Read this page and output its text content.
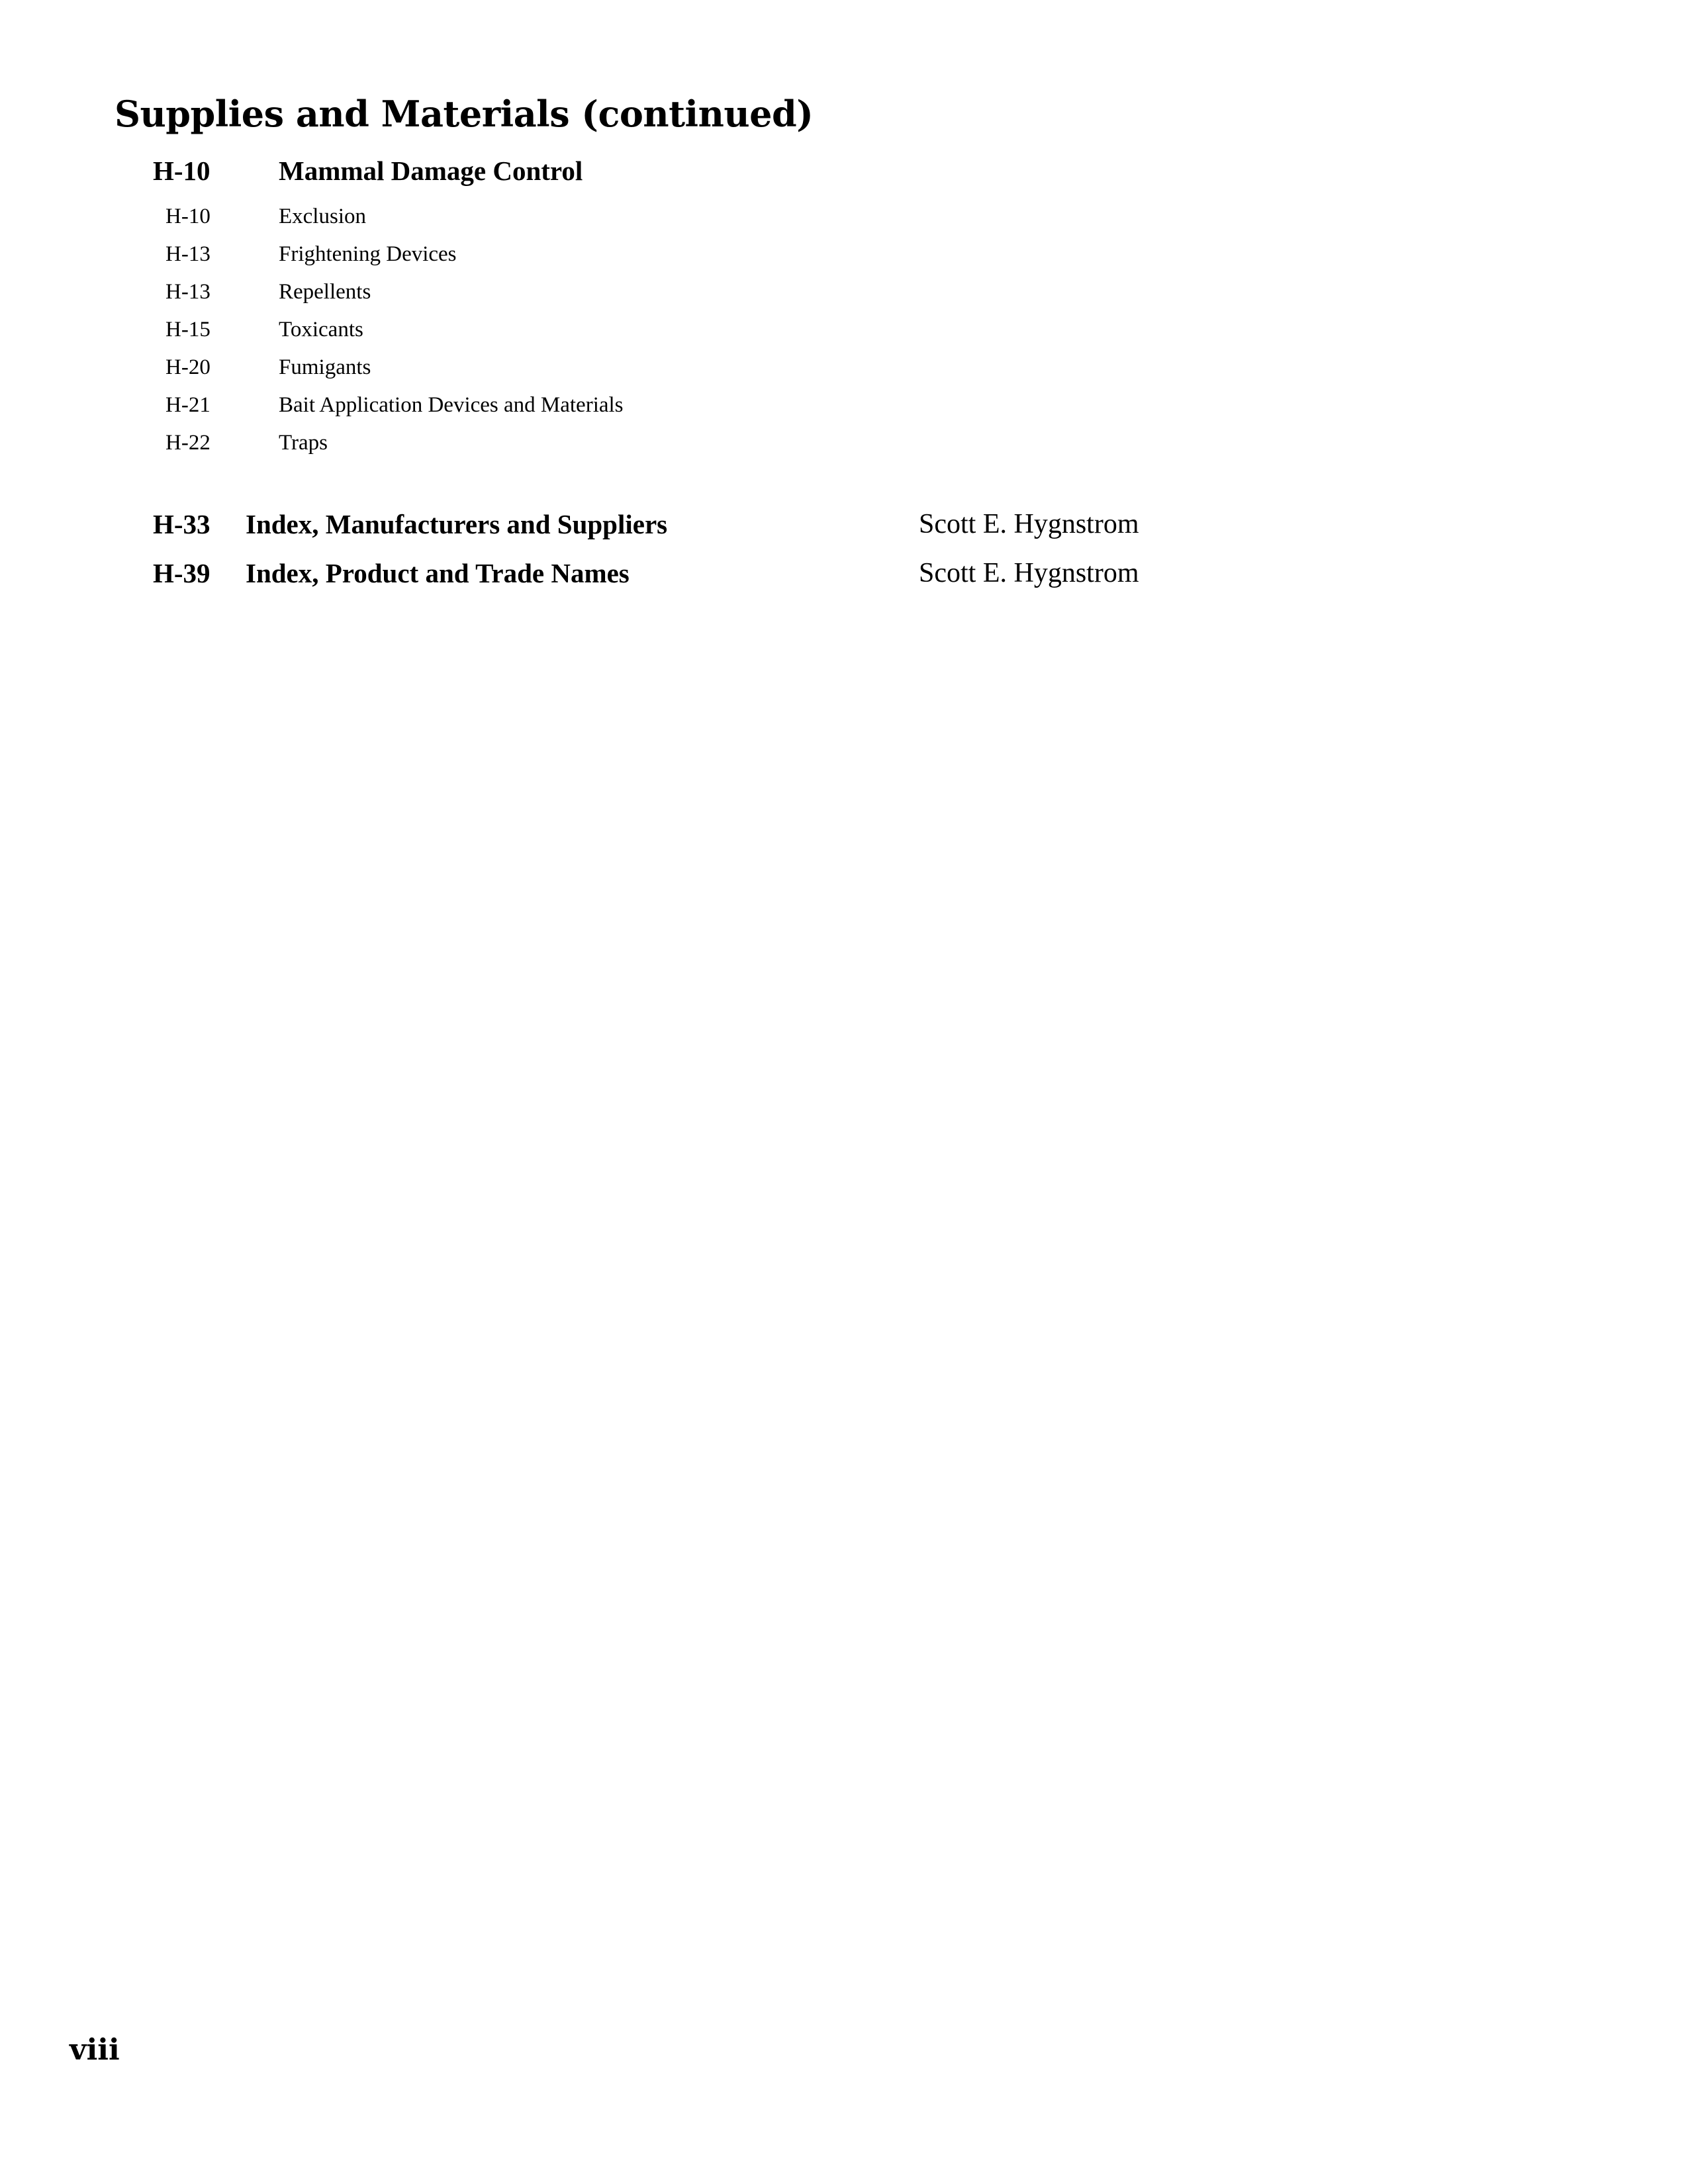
Supplies and Materials (continued)
H-10	Mammal Damage Control
H-10	Exclusion
H-13	Frightening Devices
H-13	Repellents
H-15	Toxicants
H-20	Fumigants
H-21	Bait Application Devices and Materials
H-22	Traps
H-33 Index, Manufacturers and Suppliers	Scott E. Hygnstrom
H-39 Index, Product and Trade Names	Scott E. Hygnstrom
viii
